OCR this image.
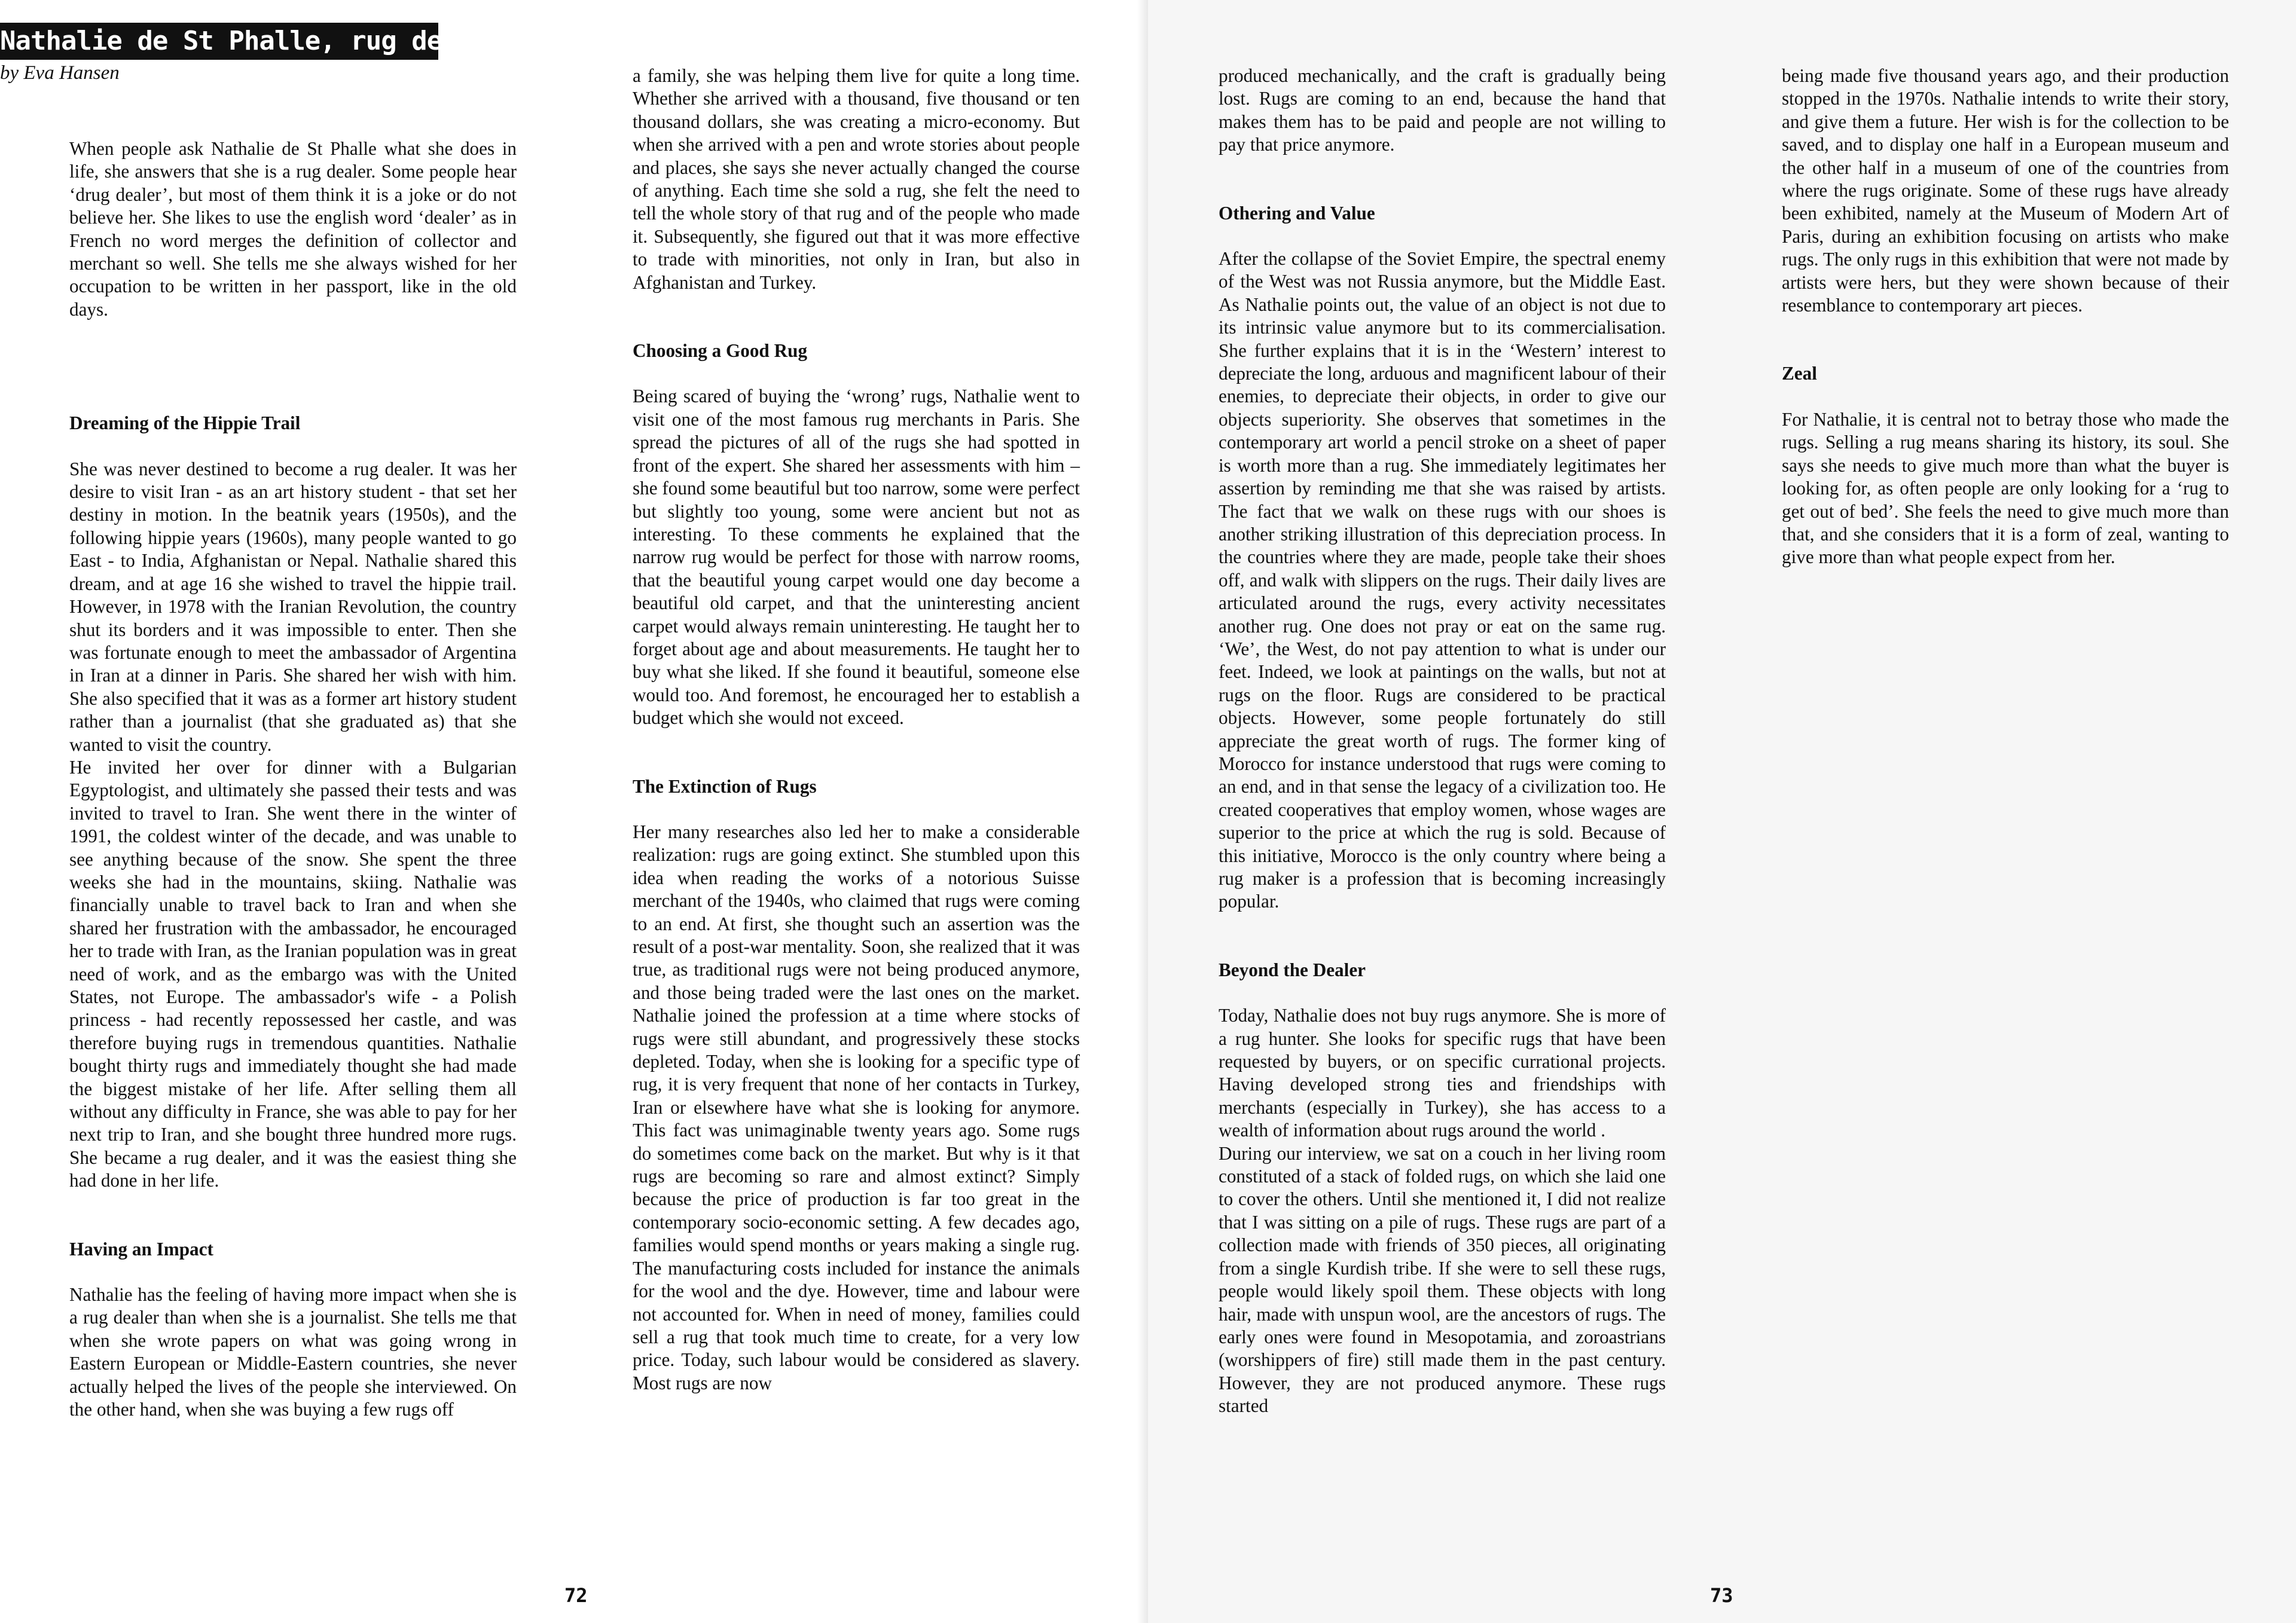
Nathalie de St Phalle, rug dealer
by Eva Hansen

When people ask Nathalie de St Phalle what she does in life, she answers that she is a rug dealer. Some people hear ‘drug dealer’, but most of them think it is a joke or do not believe her. She likes to use the english word ‘dealer’ as in French no word merges the definition of collector and merchant so well. She tells me she always wished for her occupation to be written in her passport, like in the old days.

Dreaming of the Hippie Trail

She was never destined to become a rug dealer. It was her desire to visit Iran - as an art history student - that set her destiny in motion. In the beatnik years (1950s), and the following hippie years (1960s), many people wanted to go East - to India, Afghanistan or Nepal. Nathalie shared this dream, and at age 16 she wished to travel the hippie trail. However, in 1978 with the Iranian Revolution, the country shut its borders and it was impossible to enter. Then she was fortunate enough to meet the ambassador of Argentina in Iran at a dinner in Paris. She shared her wish with him. She also specified that it was as a former art history student rather than a journalist (that she graduated as) that she wanted to visit the country.

He invited her over for dinner with a Bulgarian Egyptologist, and ultimately she passed their tests and was invited to travel to Iran. She went there in the winter of 1991, the coldest winter of the decade, and was unable to see anything because of the snow. She spent the three weeks she had in the mountains, skiing. Nathalie was financially unable to travel back to Iran and when she shared her frustration with the ambassador, he encouraged her to trade with Iran, as the Iranian population was in great need of work, and as the embargo was with the United States, not Europe. The ambassador's wife - a Polish princess - had recently repossessed her castle, and was therefore buying rugs in tremendous quantities. Nathalie bought thirty rugs and immediately thought she had made the biggest mistake of her life. After selling them all without any difficulty in France, she was able to pay for her next trip to Iran, and she bought three hundred more rugs. She became a rug dealer, and it was the easiest thing she had done in her life.

Having an Impact

Nathalie has the feeling of having more impact when she is a rug dealer than when she is a journalist. She tells me that when she wrote papers on what was going wrong in Eastern European or Middle-Eastern countries, she never actually helped the lives of the people she interviewed. On the other hand, when she was buying a few rugs off

a family, she was helping them live for quite a long time. Whether she arrived with a thousand, five thousand or ten thousand dollars, she was creating a micro-economy. But when she arrived with a pen and wrote stories about people and places, she says she never actually changed the course of anything. Each time she sold a rug, she felt the need to tell the whole story of that rug and of the people who made it. Subsequently, she figured out that it was more effective to trade with minorities, not only in Iran, but also in Afghanistan and Turkey.

Choosing a Good Rug

Being scared of buying the ‘wrong’ rugs, Nathalie went to visit one of the most famous rug merchants in Paris. She spread the pictures of all of the rugs she had spotted in front of the expert. She shared her assessments with him – she found some beautiful but too narrow, some were perfect but slightly too young, some were ancient but not as interesting. To these comments he explained that the narrow rug would be perfect for those with narrow rooms, that the beautiful young carpet would one day become a beautiful old carpet, and that the uninteresting ancient carpet would always remain uninteresting. He taught her to forget about age and about measurements. He taught her to buy what she liked. If she found it beautiful, someone else would too. And foremost, he encouraged her to establish a budget which she would not exceed.

The Extinction of Rugs

Her many researches also led her to make a considerable realization: rugs are going extinct. She stumbled upon this idea when reading the works of a notorious Suisse merchant of the 1940s, who claimed that rugs were coming to an end. At first, she thought such an assertion was the result of a post-war mentality. Soon, she realized that it was true, as traditional rugs were not being produced anymore, and those being traded were the last ones on the market. Nathalie joined the profession at a time where stocks of rugs were still abundant, and progressively these stocks depleted. Today, when she is looking for a specific type of rug, it is very frequent that none of her contacts in Turkey, Iran or elsewhere have what she is looking for anymore. This fact was unimaginable twenty years ago. Some rugs do sometimes come back on the market. But why is it that rugs are becoming so rare and almost extinct? Simply because the price of production is far too great in the contemporary socio-economic setting. A few decades ago, families would spend months or years making a single rug. The manufacturing costs included for instance the animals for the wool and the dye. However, time and labour were not accounted for. When in need of money, families could sell a rug that took much time to create, for a very low price. Today, such labour would be considered as slavery. Most rugs are now

72

produced mechanically, and the craft is gradually being lost. Rugs are coming to an end, because the hand that makes them has to be paid and people are not willing to pay that price anymore.

Othering and Value

After the collapse of the Soviet Empire, the spectral enemy of the West was not Russia anymore, but the Middle East. As Nathalie points out, the value of an object is not due to its intrinsic value anymore but to its commercialisation. She further explains that it is in the ‘Western’ interest to depreciate the long, arduous and magnificent labour of their enemies, to depreciate their objects, in order to give our objects superiority. She observes that sometimes in the contemporary art world a pencil stroke on a sheet of paper is worth more than a rug. She immediately legitimates her assertion by reminding me that she was raised by artists. The fact that we walk on these rugs with our shoes is another striking illustration of this depreciation process. In the countries where they are made, people take their shoes off, and walk with slippers on the rugs. Their daily lives are articulated around the rugs, every activity necessitates another rug. One does not pray or eat on the same rug. ‘We’, the West, do not pay attention to what is under our feet. Indeed, we look at paintings on the walls, but not at rugs on the floor. Rugs are considered to be practical objects. However, some people fortunately do still appreciate the great worth of rugs. The former king of Morocco for instance understood that rugs were coming to an end, and in that sense the legacy of a civilization too. He created cooperatives that employ women, whose wages are superior to the price at which the rug is sold. Because of this initiative, Morocco is the only country where being a rug maker is a profession that is becoming increasingly popular.

Beyond the Dealer

Today, Nathalie does not buy rugs anymore. She is more of a rug hunter. She looks for specific rugs that have been requested by buyers, or on specific currational projects. Having developed strong ties and friendships with merchants (especially in Turkey), she has access to a wealth of information about rugs around the world .

During our interview, we sat on a couch in her living room constituted of a stack of folded rugs, on which she laid one to cover the others. Until she mentioned it, I did not realize that I was sitting on a pile of rugs. These rugs are part of a collection made with friends of 350 pieces, all originating from a single Kurdish tribe. If she were to sell these rugs, people would likely spoil them. These objects with long hair, made with unspun wool, are the ancestors of rugs. The early ones were found in Mesopotamia, and zoroastrians (worshippers of fire) still made them in the past century. However, they are not produced anymore. These rugs started

being made five thousand years ago, and their production stopped in the 1970s. Nathalie intends to write their story, and give them a future. Her wish is for the collection to be saved, and to display one half in a European museum and the other half in a museum of one of the countries from where the rugs originate. Some of these rugs have already been exhibited, namely at the Museum of Modern Art of Paris, during an exhibition focusing on artists who make rugs. The only rugs in this exhibition that were not made by artists were hers, but they were shown because of their resemblance to contemporary art pieces.

Zeal

For Nathalie, it is central not to betray those who made the rugs. Selling a rug means sharing its history, its soul. She says she needs to give much more than what the buyer is looking for, as often people are only looking for a ‘rug to get out of bed’. She feels the need to give much more than that, and she considers that it is a form of zeal, wanting to give more than what people expect from her.

73
